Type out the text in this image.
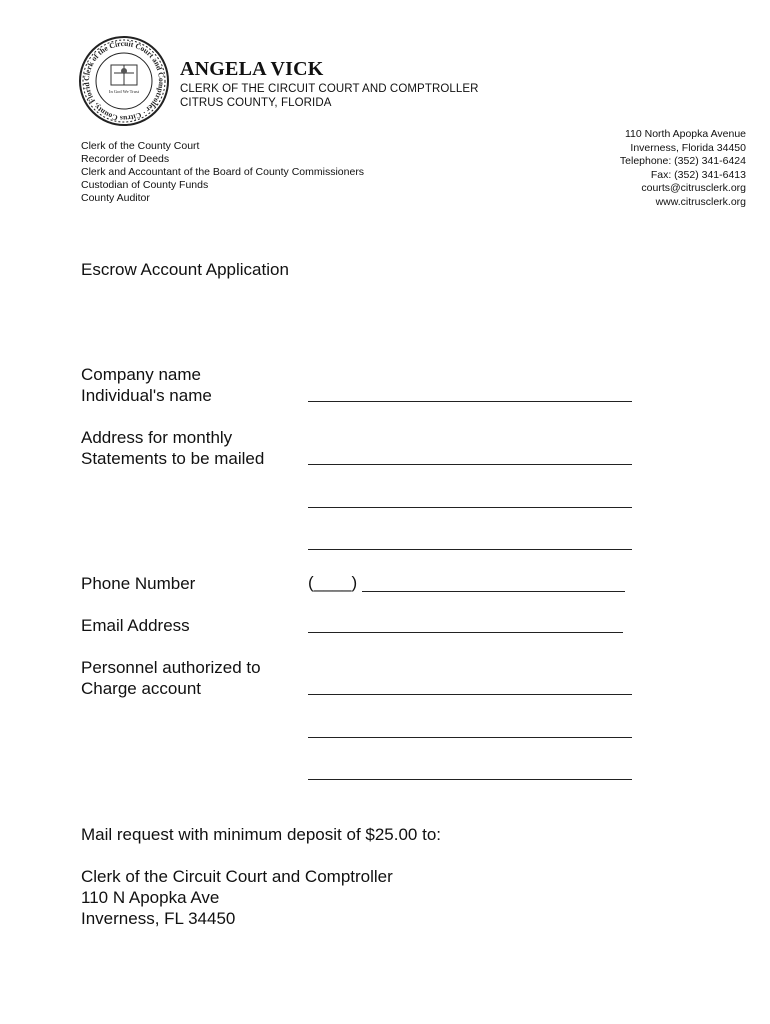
Clerk of the Circuit Court and Comptroller · Citrus County, Florid
In God We Trust
ANGELA VICK
CLERK OF THE CIRCUIT COURT AND COMPTROLLER
CITRUS COUNTY, FLORIDA
Clerk of the County Court
Recorder of Deeds
Clerk and Accountant of the Board of County Commissioners
Custodian of County Funds
County Auditor
110 North Apopka Avenue
Inverness, Florida 34450
Telephone: (352) 341-6424
Fax: (352) 341-6413
courts@citrusclerk.org
www.citrusclerk.org
Escrow Account Application
Company name
Individual's name
Address for monthly
Statements to be mailed
Phone Number	(____)
Email Address
Personnel authorized to
Charge account
Mail request with minimum deposit of $25.00 to:
Clerk of the Circuit Court and Comptroller
110 N Apopka Ave
Inverness, FL 34450
